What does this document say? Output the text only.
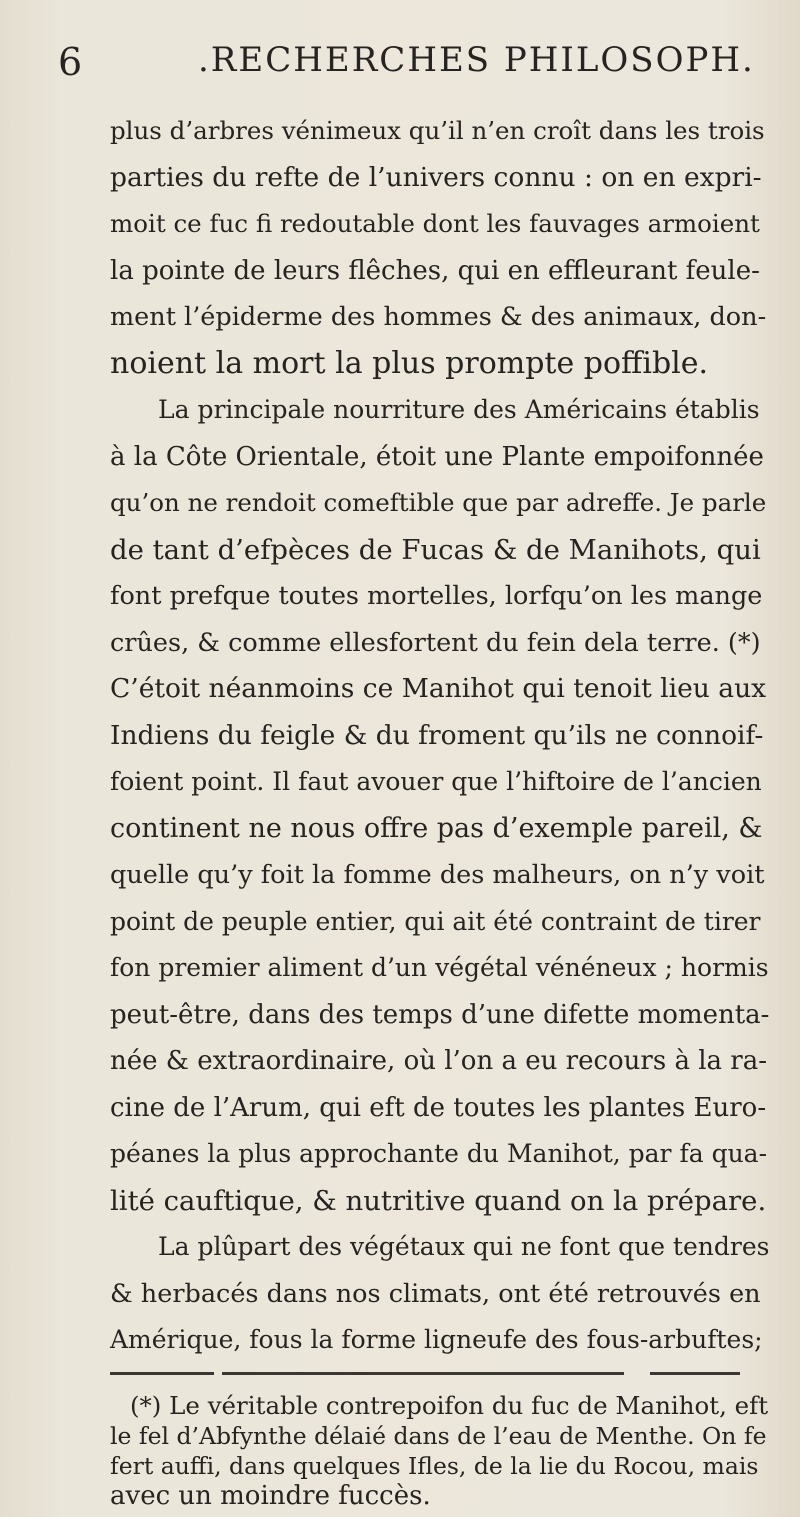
6	.RECHERCHES PHILOSOPH.
plus d’arbres vénimeux qu’il n’en croît dans les trois
parties du refte de l’univers connu : on en expri-
moit ce fuc fi redoutable dont les fauvages armoient
la pointe de leurs flêches, qui en effleurant feule-
ment l’épiderme des hommes & des animaux, don-
noient la mort la plus prompte poffible.
La principale nourriture des Américains établis
à la Côte Orientale, étoit une Plante empoifonnée
qu’on ne rendoit comeftible que par adreffe. Je parle
de tant d’efpèces de Fucas & de Manihots, qui
font prefque toutes mortelles, lorfqu’on les mange
crûes, & comme ellesfortent du fein dela terre. (*)
C’étoit néanmoins ce Manihot qui tenoit lieu aux
Indiens du feigle & du froment qu’ils ne connoif-
foient point. Il faut avouer que l’hiftoire de l’ancien
continent ne nous offre pas d’exemple pareil, &
quelle qu’y foit la fomme des malheurs, on n’y voit
point de peuple entier, qui ait été contraint de tirer
fon premier aliment d’un végétal vénéneux ; hormis
peut-être, dans des temps d’une difette momenta-
née & extraordinaire, où l’on a eu recours à la ra-
cine de l’Arum, qui eft de toutes les plantes Euro-
péanes la plus approchante du Manihot, par fa qua-
lité cauftique, & nutritive quand on la prépare.
La plûpart des végétaux qui ne font que tendres
& herbacés dans nos climats, ont été retrouvés en
Amérique, fous la forme ligneufe des fous-arbuftes;
(*) Le véritable contrepoifon du fuc de Manihot, eft
le fel d’Abfynthe délaié dans de l’eau de Menthe. On fe
fert auffi, dans quelques Ifles, de la lie du Rocou, mais
avec un moindre fuccès.
